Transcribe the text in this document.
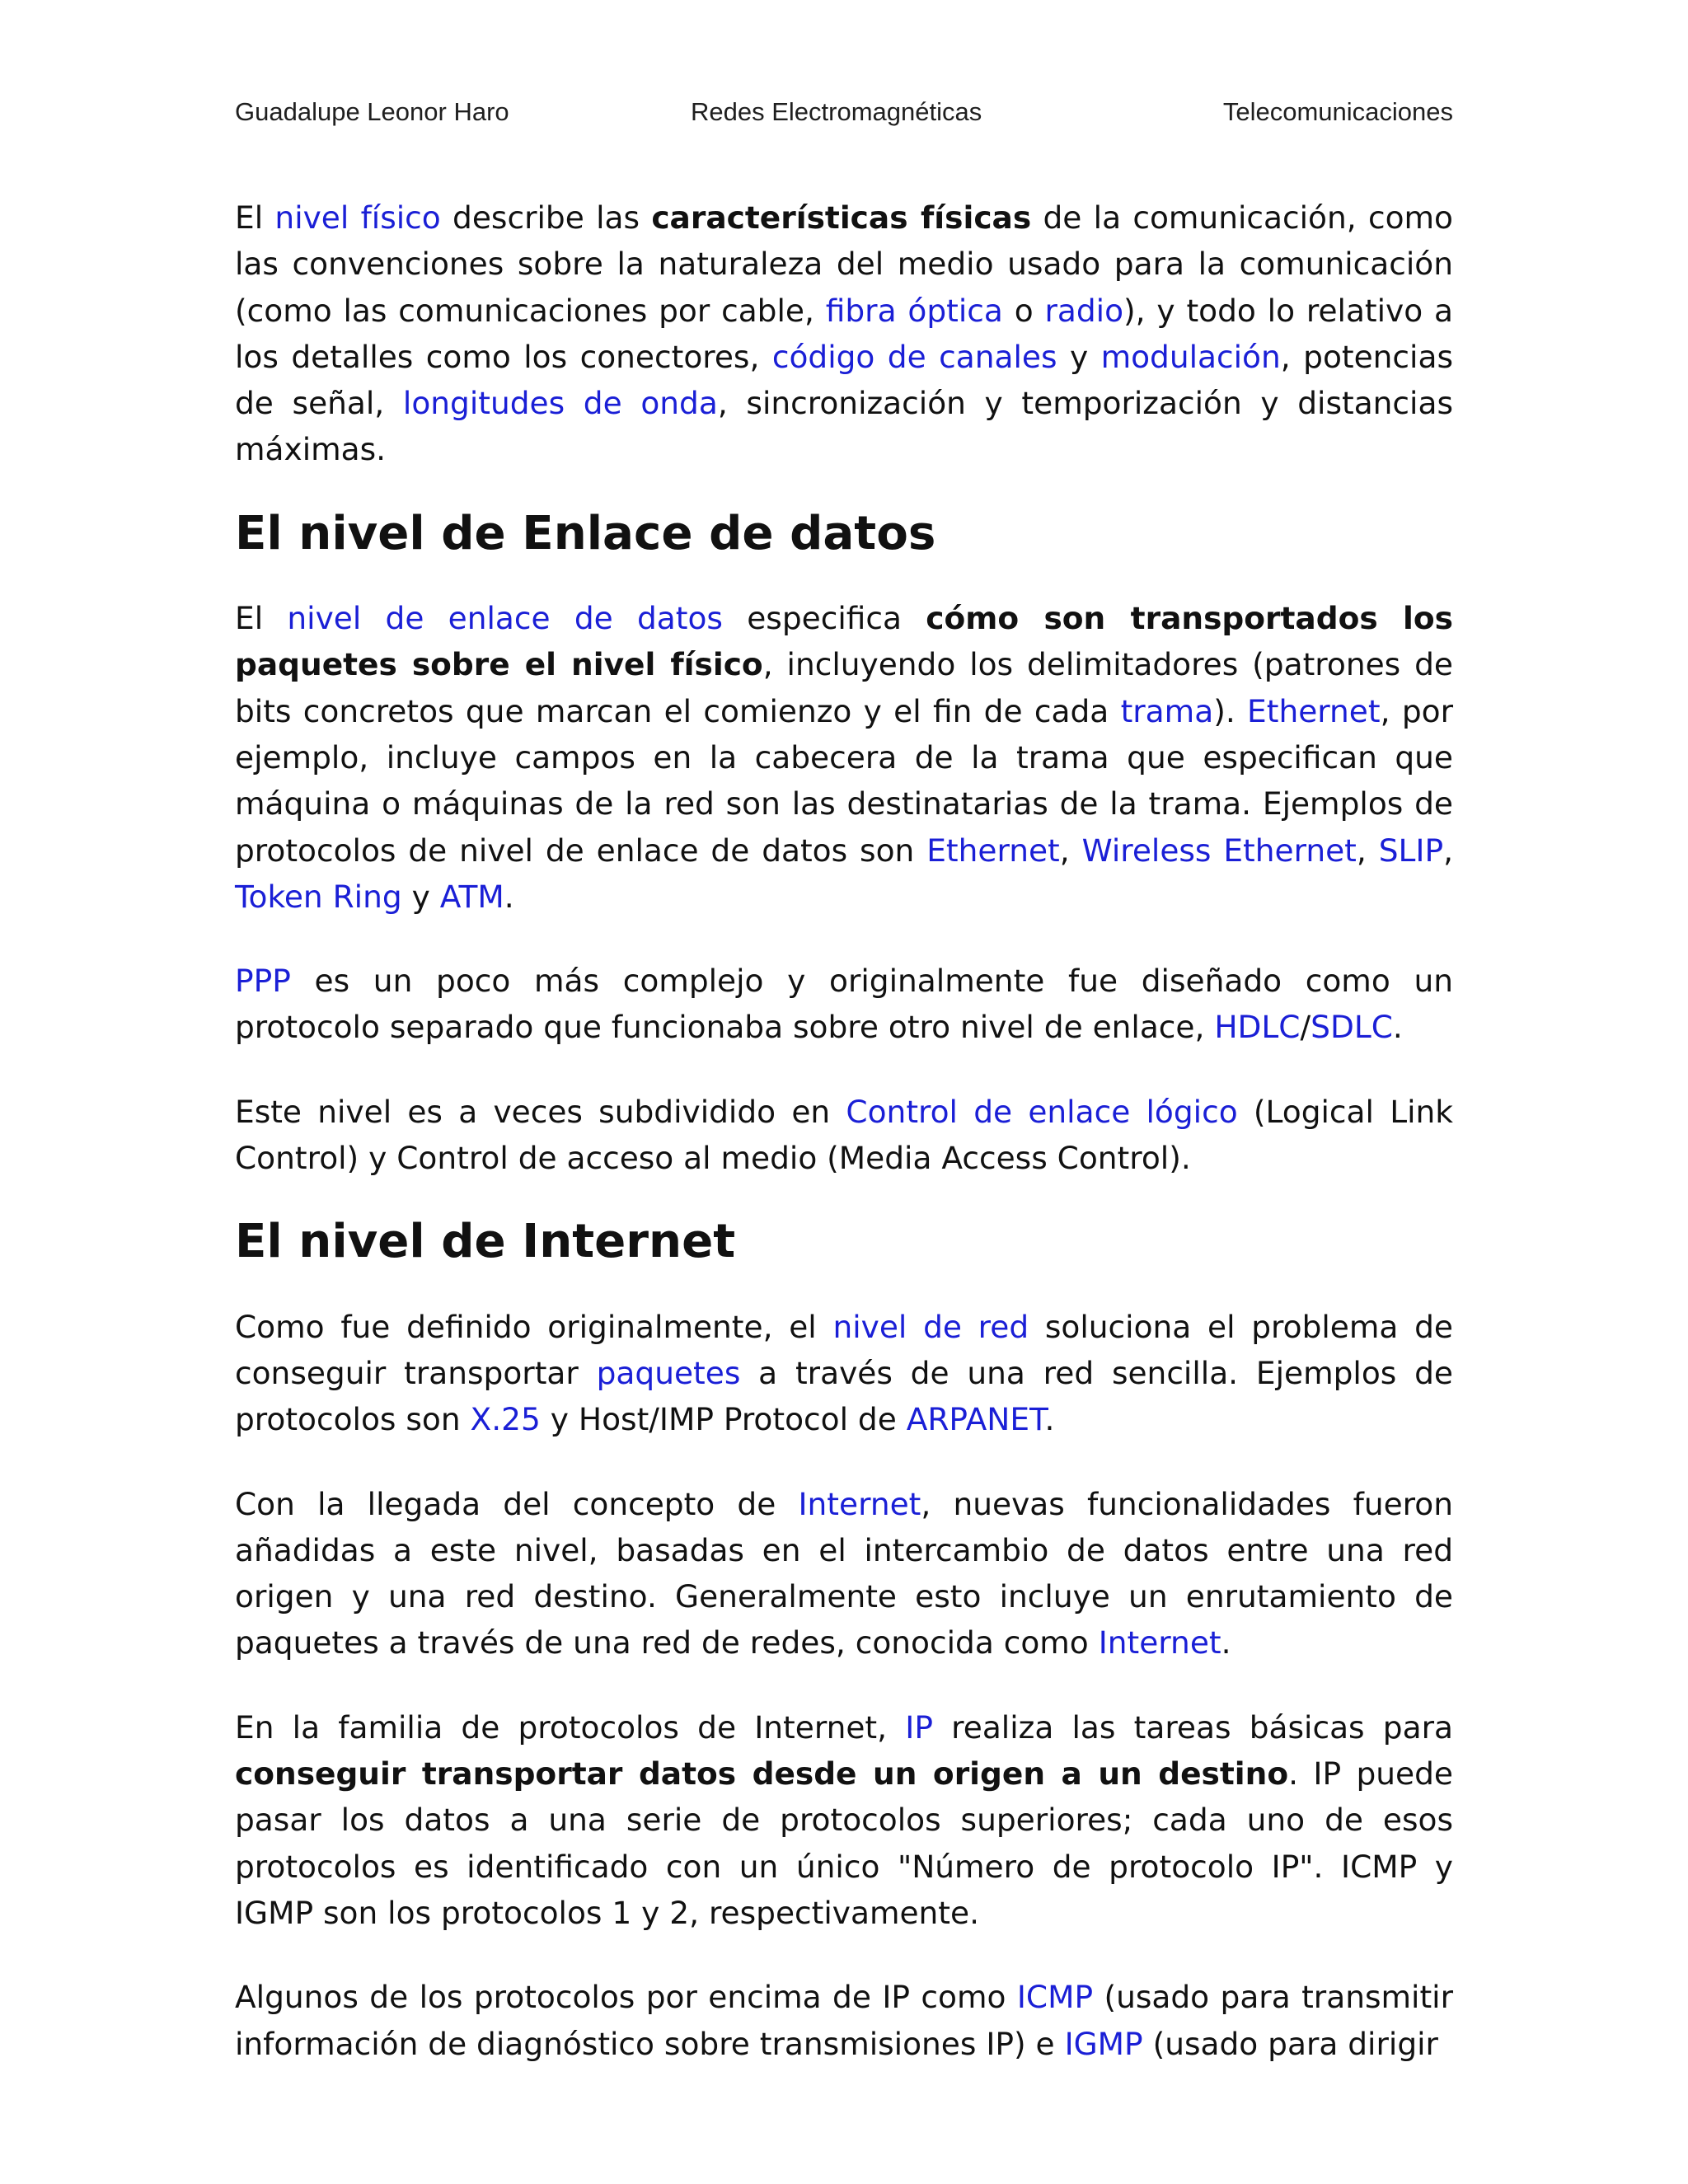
Guadalupe Leonor Haro	Redes Electromagnéticas	Telecomunicaciones

El nivel físico describe las características físicas de la comunicación, como las convenciones sobre la naturaleza del medio usado para la comunicación (como las comunicaciones por cable, fibra óptica o radio), y todo lo relativo a los detalles como los conectores, código de canales y modulación, potencias de señal, longitudes de onda, sincronización y temporización y distancias máximas.

El nivel de Enlace de datos

El nivel de enlace de datos especifica cómo son transportados los paquetes sobre el nivel físico, incluyendo los delimitadores (patrones de bits concretos que marcan el comienzo y el fin de cada trama). Ethernet, por ejemplo, incluye campos en la cabecera de la trama que especifican que máquina o máquinas de la red son las destinatarias de la trama. Ejemplos de protocolos de nivel de enlace de datos son Ethernet, Wireless Ethernet, SLIP, Token Ring y ATM.

PPP es un poco más complejo y originalmente fue diseñado como un protocolo separado que funcionaba sobre otro nivel de enlace, HDLC/SDLC.

Este nivel es a veces subdividido en Control de enlace lógico (Logical Link Control) y Control de acceso al medio (Media Access Control).

El nivel de Internet

Como fue definido originalmente, el nivel de red soluciona el problema de conseguir transportar paquetes a través de una red sencilla. Ejemplos de protocolos son X.25 y Host/IMP Protocol de ARPANET.

Con la llegada del concepto de Internet, nuevas funcionalidades fueron añadidas a este nivel, basadas en el intercambio de datos entre una red origen y una red destino. Generalmente esto incluye un enrutamiento de paquetes a través de una red de redes, conocida como Internet.

En la familia de protocolos de Internet, IP realiza las tareas básicas para conseguir transportar datos desde un origen a un destino. IP puede pasar los datos a una serie de protocolos superiores; cada uno de esos protocolos es identificado con un único "Número de protocolo IP". ICMP y IGMP son los protocolos 1 y 2, respectivamente.

Algunos de los protocolos por encima de IP como ICMP (usado para transmitir información de diagnóstico sobre transmisiones IP) e IGMP (usado para dirigir
